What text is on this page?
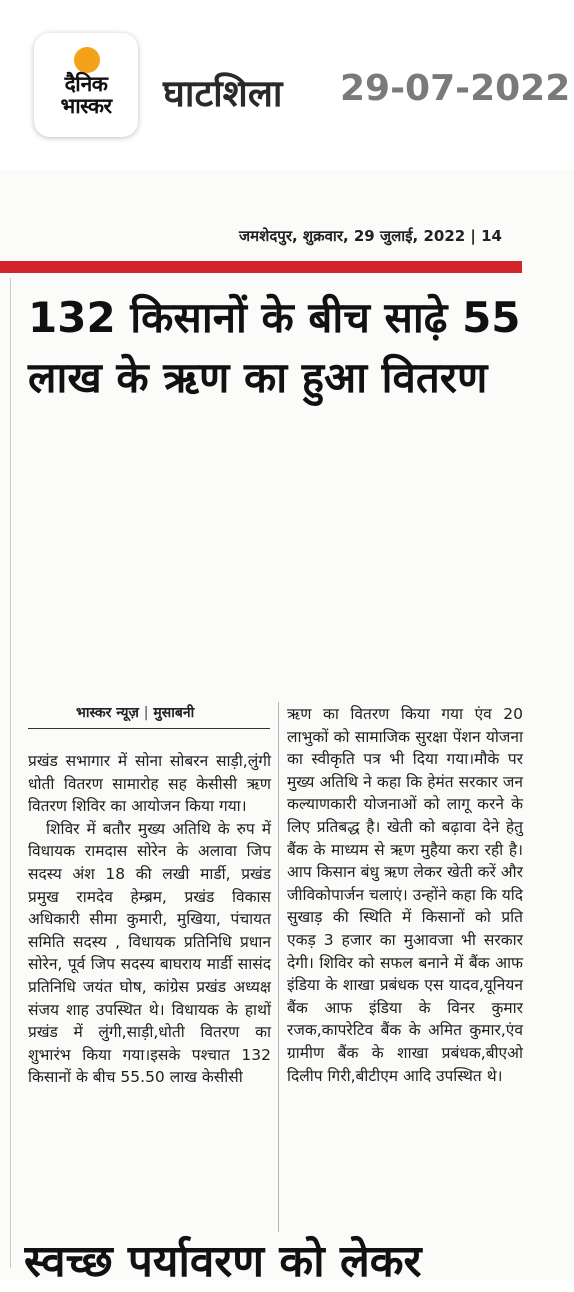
दैनिक
भास्कर	घाटशिला 29-07-2022
जमशेदपुर, शुक्रवार, 29 जुलाई, 2022 | 14
132 किसानों के बीच साढ़े 55 लाख के ऋण का हुआ वितरण
भास्कर न्यूज़ | मुसाबनी

प्रखंड सभागार में सोना सोबरन साड़ी,लुंगी धोती वितरण सामारोह सह केसीसी ऋण वितरण शिविर का आयोजन किया गया।

शिविर में बतौर मुख्य अतिथि के रुप में विधायक रामदास सोरेन के अलावा जिप सदस्य अंश 18 की लखी मार्डी, प्रखंड प्रमुख रामदेव हेम्ब्रम, प्रखंड विकास अधिकारी सीमा कुमारी, मुखिया, पंचायत समिति सदस्य , विधायक प्रतिनिधि प्रधान सोरेन, पूर्व जिप सदस्य बाघराय मार्डी सासंद प्रतिनिधि जयंत घोष, कांग्रेस प्रखंड अध्यक्ष संजय शाह उपस्थित थे। विधायक के हाथों प्रखंड में लुंगी,साड़ी,धोती वितरण का शुभारंभ किया गया।इसके पश्चात 132 किसानों के बीच 55.50 लाख केसीसी

ऋण का वितरण किया गया एंव 20 लाभुकों को सामाजिक सुरक्षा पेंशन योजना का स्वीकृति पत्र भी दिया गया।मौके पर मुख्य अतिथि ने कहा कि हेमंत सरकार जन कल्याणकारी योजनाओं को लागू करने के लिए प्रतिबद्ध है। खेती को बढ़ावा देने हेतु बैंक के माध्यम से ऋण मुहैया करा रही है। आप किसान बंधु ऋण लेकर खेती करें और जीविकोपार्जन चलाएं। उन्होंने कहा कि यदि सुखाड़ की स्थिति में किसानों को प्रति एकड़ 3 हजार का मुआवजा भी सरकार देगी। शिविर को सफल बनाने में बैंक आफ इंडिया के शाखा प्रबंधक एस यादव,यूनियन बैंक आफ इंडिया के विनर कुमार रजक,कापरेटिव बैंक के अमित कुमार,एंव ग्रामीण बैंक के शाखा प्रबंधक,बीएओ दिलीप गिरी,बीटीएम आदि उपस्थित थे।

स्वच्छ पर्यावरण को लेकर
